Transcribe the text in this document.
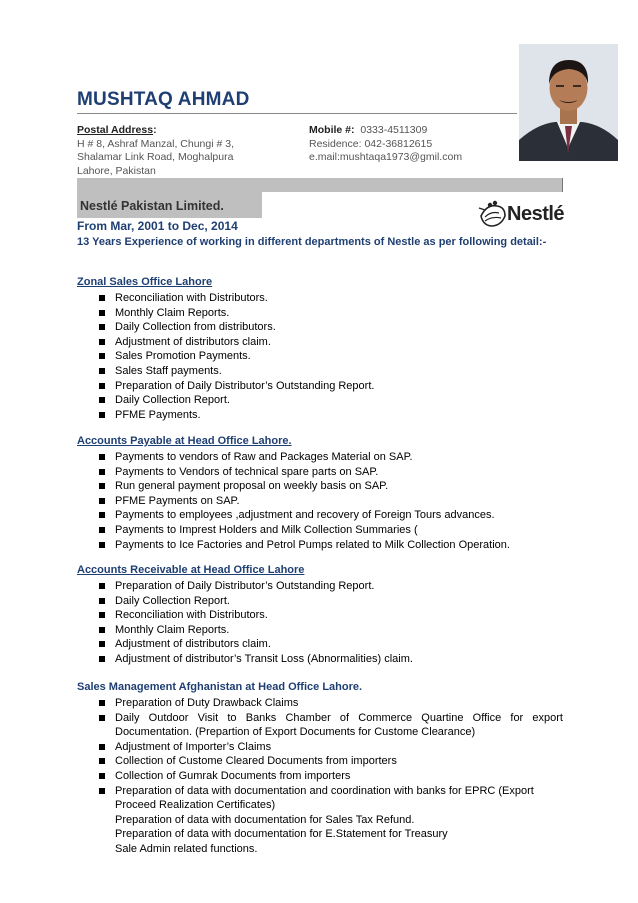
MUSHTAQ AHMAD
Postal Address:
H # 8, Ashraf Manzal, Chungi # 3,
Shalamar Link Road, Moghalpura
Lahore, Pakistan
Mobile #: 0333-4511309
Residence: 042-36812615
e.mail:mushtaqa1973@gmil.com
Nestlé Pakistan Limited.	Nestlé
From Mar, 2001 to Dec, 2014
13 Years Experience of working in different departments of Nestle as per following detail:-
Zonal Sales Office Lahore
Reconciliation with Distributors.
Monthly Claim Reports.
Daily Collection from distributors.
Adjustment of distributors claim.
Sales Promotion Payments.
Sales Staff payments.
Preparation of Daily Distributor’s Outstanding Report.
Daily Collection Report.
PFME Payments.
Accounts Payable at Head Office Lahore.
Payments to vendors of Raw and Packages Material on SAP.
Payments to Vendors of technical spare parts on SAP.
Run general payment proposal on weekly basis on SAP.
PFME Payments on SAP.
Payments to employees ,adjustment and recovery of Foreign Tours advances.
Payments to Imprest Holders and Milk Collection Summaries (
Payments to Ice Factories and Petrol Pumps related to Milk Collection Operation.
Accounts Receivable at Head Office Lahore
Preparation of Daily Distributor’s Outstanding Report.
Daily Collection Report.
Reconciliation with Distributors.
Monthly Claim Reports.
Adjustment of distributors claim.
Adjustment of distributor’s Transit Loss (Abnormalities) claim.
Sales Management Afghanistan at Head Office Lahore.
Preparation of Duty Drawback Claims
Daily Outdoor Visit to Banks Chamber of Commerce Quartine Office for export Documentation. (Prepartion of Export Documents for Custome Clearance)
Adjustment of Importer’s Claims
Collection of Custome Cleared Documents from importers
Collection of Gumrak Documents from importers
Preparation of data with documentation and coordination with banks for EPRC (Export Proceed Realization Certificates)
Preparation of data with documentation for Sales Tax Refund.
Preparation of data with documentation for E.Statement for Treasury
Sale Admin related functions.
